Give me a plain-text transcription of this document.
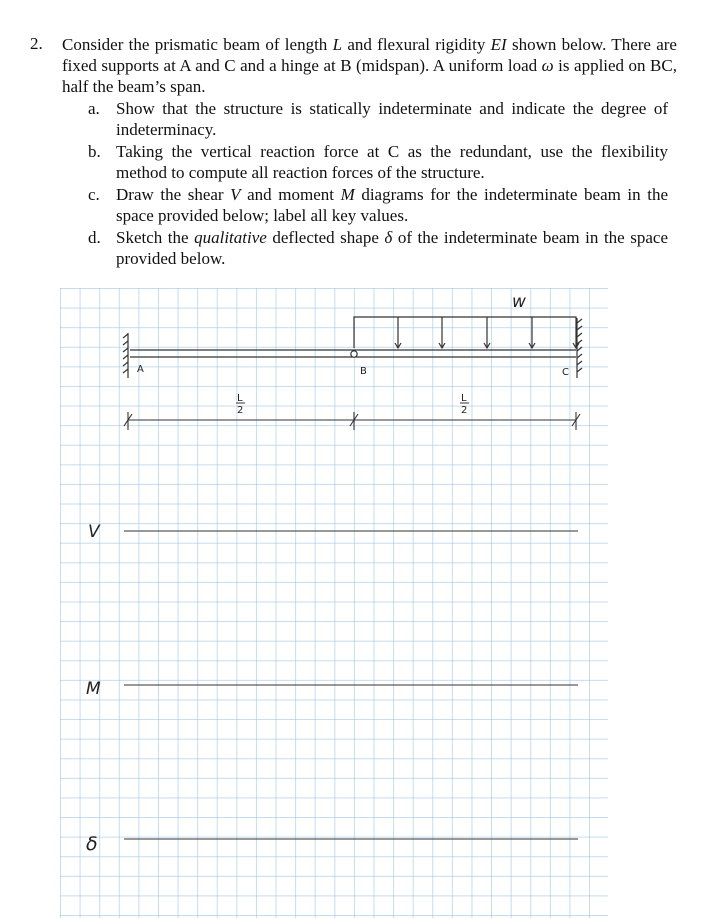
2. Consider the prismatic beam of length L and flexural rigidity EI shown below. There are fixed supports at A and C and a hinge at B (midspan). A uniform load ω is applied on BC, half the beam’s span.
a. Show that the structure is statically indeterminate and indicate the degree of indeterminacy.
b. Taking the vertical reaction force at C as the redundant, use the flexibility method to compute all reaction forces of the structure.
c. Draw the shear V and moment M diagrams for the indeterminate beam in the space provided below; label all key values.
d. Sketch the qualitative deflected shape δ of the indeterminate beam in the space provided below.
w
A	B	C
L
2
L
2
V
M
δ
